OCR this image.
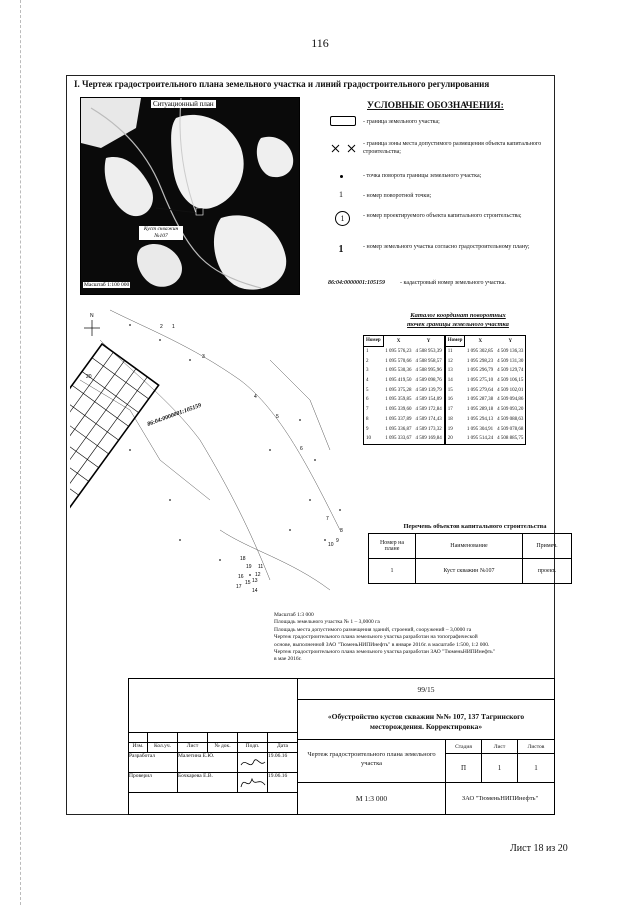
116
I. Чертеж градостроительного плана земельного участка и линий градостроительного регулирования
Ситуационный план
Куст скважин №107
Масштаб 1:100 000
УСЛОВНЫЕ ОБОЗНАЧЕНИЯ:
- граница земельного участка;
- граница зоны места допустимого размещения объекта капитального строительства;
- точка поворота границы земельного участка;
1	- номер поворотной точки;
1	- номер проектируемого объекта капитального строительства;
1	- номер земельного участка согласно градостроительному плану;
86:04:0000001:105159	- кадастровый номер земельного участка.
N
86:04:0000001:105159
1
2
3
4
5
6
7
8
9
10
11
12
13
14
15
16
17
18
19
20
Каталог координат поворотных
точек границы земельного участка
Номер	X	Y	Номер	X	Y
1	1 095 576,23	4 508 953,39	11	1 095 302,85	4 509 136,33
2	1 095 570,66	4 508 958,57	12	1 095 298,23	4 509 131,30
3	1 095 530,36	4 508 995,96	13	1 095 296,79	4 509 129,74
4	1 095 419,50	4 509 098,76	14	1 095 275,10	4 509 106,15
5	1 095 375,28	4 509 139,79	15	1 095 279,64	4 509 102,01
6	1 095 359,85	4 509 154,09	16	1 095 287,38	4 509 094,86
7	1 095 339,60	4 509 172,84	17	1 095 289,18	4 509 093,20
8	1 095 337,89	4 509 174,43	18	1 095 294,13	4 509 088,63
9	1 095 336,87	4 509 173,32	19	1 095 304,91	4 509 078,68
10	1 095 333,67	4 509 169,84	20	1 095 514,24	4 508 885,75
Перечень объектов капитального строительства
Номер на плане	Наименование	Примеч.
1	Куст скважин №107	проект.
Масштаб 1:3 000
Площадь земельного участка № 1 – 3,0000 га
Площадь места допустимого размещения зданий, строений, сооружений – 3,0000 га
Чертеж градостроительного плана земельного участка разработан на топографической
основе, выполненной ЗАО "ТюменьНИПИнефть" в январе 2016г. в масштабе 1:500, 1:2 000.
Чертеж градостроительного плана земельного участка разработан ЗАО "ТюменьНИПИнефть"
в мае 2016г.
Изм.	Кол.уч.	Лист	№ док.	Подп.	Дата
Разработал	Малетина Е.Ю.	19.06.16
Проверил	Бочкарева Е.В.	19.06.16
99/15
«Обустройство кустов скважин №№ 107, 137 Тагринского месторождения. Корректировка»
Чертеж градостроительного плана земельного участка
Стадия	Лист	Листов
П	1	1
М 1:3 000	ЗАО "ТюменьНИПИнефть"
Лист 18 из 20
